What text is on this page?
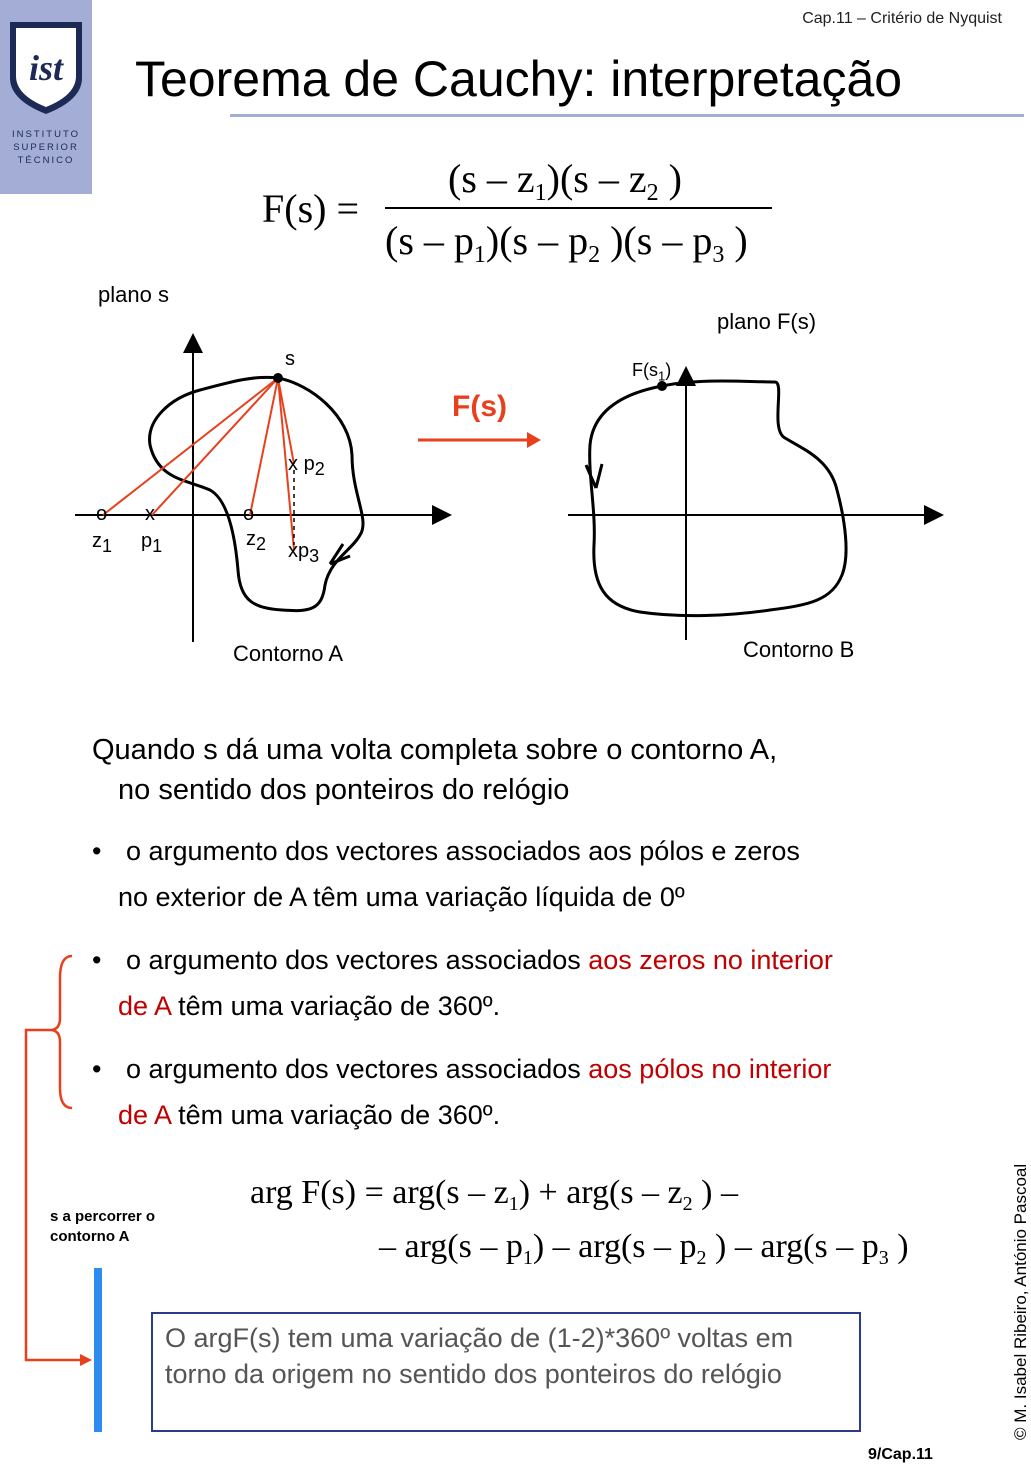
ist
INSTITUTO
SUPERIOR
TÉCNICO
Cap.11 – Critério de Nyquist
Teorema de Cauchy: interpretação
F(s) =
$(s - z_1)(s - z_2$ )
$(s - p_1)(s - p_2$ )($s - p_3$ )
plano s
s
x $p_2$
$xp_3$
o x	o
$z_1$ $p_1$	$z_2$
Contorno A
F(s)
plano F(s)
$F(s_1)$
Contorno B
Quando s dá uma volta completa sobre o contorno A,
no sentido dos ponteiros do relógio
• o argumento dos vectores associados aos pólos e zeros
no exterior de A têm uma variação líquida de 0º
• o argumento dos vectores associados aos zeros no interior
de A têm uma variação de 360º.
• o argumento dos vectores associados aos pólos no interior
de A têm uma variação de 360º.
s a percorrer o
contorno A
arg $F(s) = arg(s - z_1) + arg(s - z_2$ ) –
– $arg(s - p_1) - arg(s - p_2$ ) – $arg(s - p_3$ )
O argF(s) tem uma variação de (1-2)*360º voltas em torno da origem no sentido dos ponteiros do relógio
9/Cap.11
© M. Isabel Ribeiro, António Pascoal
